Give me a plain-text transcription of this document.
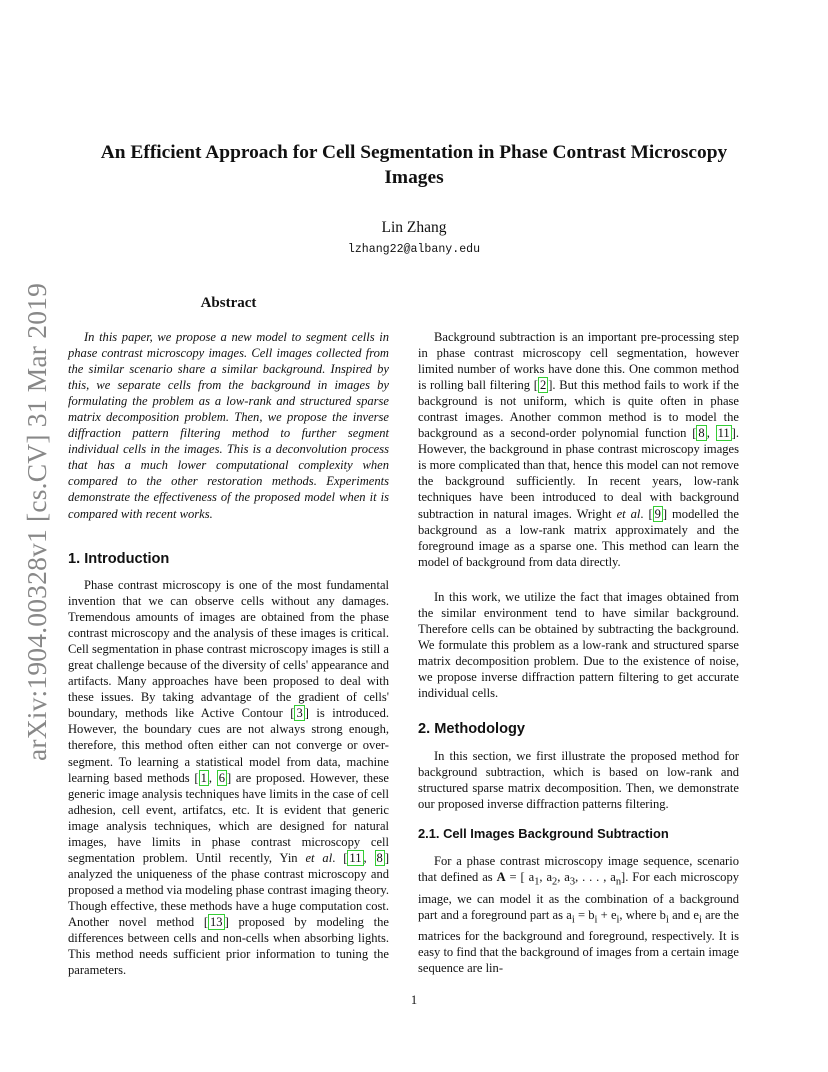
arXiv:1904.00328v1 [cs.CV] 31 Mar 2019
An Efficient Approach for Cell Segmentation in Phase Contrast Microscopy Images
Lin Zhang
lzhang22@albany.edu
Abstract

In this paper, we propose a new model to segment cells in phase contrast microscopy images. Cell images collected from the similar scenario share a similar background. Inspired by this, we separate cells from the background in images by formulating the problem as a low-rank and structured sparse matrix decomposition problem. Then, we propose the inverse diffraction pattern filtering method to further segment individual cells in the images. This is a deconvolution process that has a much lower computational complexity when compared to the other restoration methods. Experiments demonstrate the effectiveness of the proposed model when it is compared with recent works.

1. Introduction

Phase contrast microscopy is one of the most fundamental invention that we can observe cells without any damages. Tremendous amounts of images are obtained from the phase contrast microscopy and the analysis of these images is critical. Cell segmentation in phase contrast microscopy images is still a great challenge because of the diversity of cells' appearance and artifacts. Many approaches have been proposed to deal with these issues. By taking advantage of the gradient of cells' boundary, methods like Active Contour [ 3 ] is introduced. However, the boundary cues are not always strong enough, therefore, this method often either can not converge or over-segment. To learning a statistical model from data, machine learning based methods [ 1 , 6 ] are proposed. However, these generic image analysis techniques have limits in the case of cell adhesion, cell event, artifatcs, etc. It is evident that generic image analysis techniques, which are designed for natural images, have limits in phase contrast microscopy cell segmentation problem. Until recently, Yin et al. [ 11 , 8 ] analyzed the uniqueness of the phase contrast microscopy and proposed a method via modeling phase contrast imaging theory. Though effective, these methods have a huge computation cost. Another novel method [ 13 ] proposed by modeling the differences between cells and non-cells when absorbing lights. This method needs sufficient prior information to tuning the parameters.

Background subtraction is an important pre-processing step in phase contrast microscopy cell segmentation, however limited number of works have done this. One common method is rolling ball filtering [ 2 ]. But this method fails to work if the background is not uniform, which is quite often in phase contrast images. Another common method is to model the background as a second-order polynomial function [ 8 , 11 ]. However, the background in phase contrast microscopy images is more complicated than that, hence this model can not remove the background sufficiently. In recent years, low-rank techniques have been introduced to deal with background subtraction in natural images. Wright et al. [ 9 ] modelled the background as a low-rank matrix approximately and the foreground image as a sparse one. This method can learn the model of background from data directly.

In this work, we utilize the fact that images obtained from the similar environment tend to have similar background. Therefore cells can be obtained by subtracting the background. We formulate this problem as a low-rank and structured sparse matrix decomposition problem. Due to the existence of noise, we propose inverse diffraction pattern filtering to get accurate individual cells.

2. Methodology

In this section, we first illustrate the proposed method for background subtraction, which is based on low-rank and structured sparse matrix decomposition. Then, we demonstrate our proposed inverse diffraction patterns filtering.

2.1. Cell Images Background Subtraction

For a phase contrast microscopy image sequence, scenario that defined as A = [ $a_1$, $a_2$, $a_3$, . . . , $a_n$]. For each microscopy image, we can model it as the combination of a background part and a foreground part as $a_i = b_i + e_i$, where $b_i$ and $e_i$ are the matrices for the background and foreground, respectively. It is easy to find that the background of images from a certain image sequence are lin-

1
